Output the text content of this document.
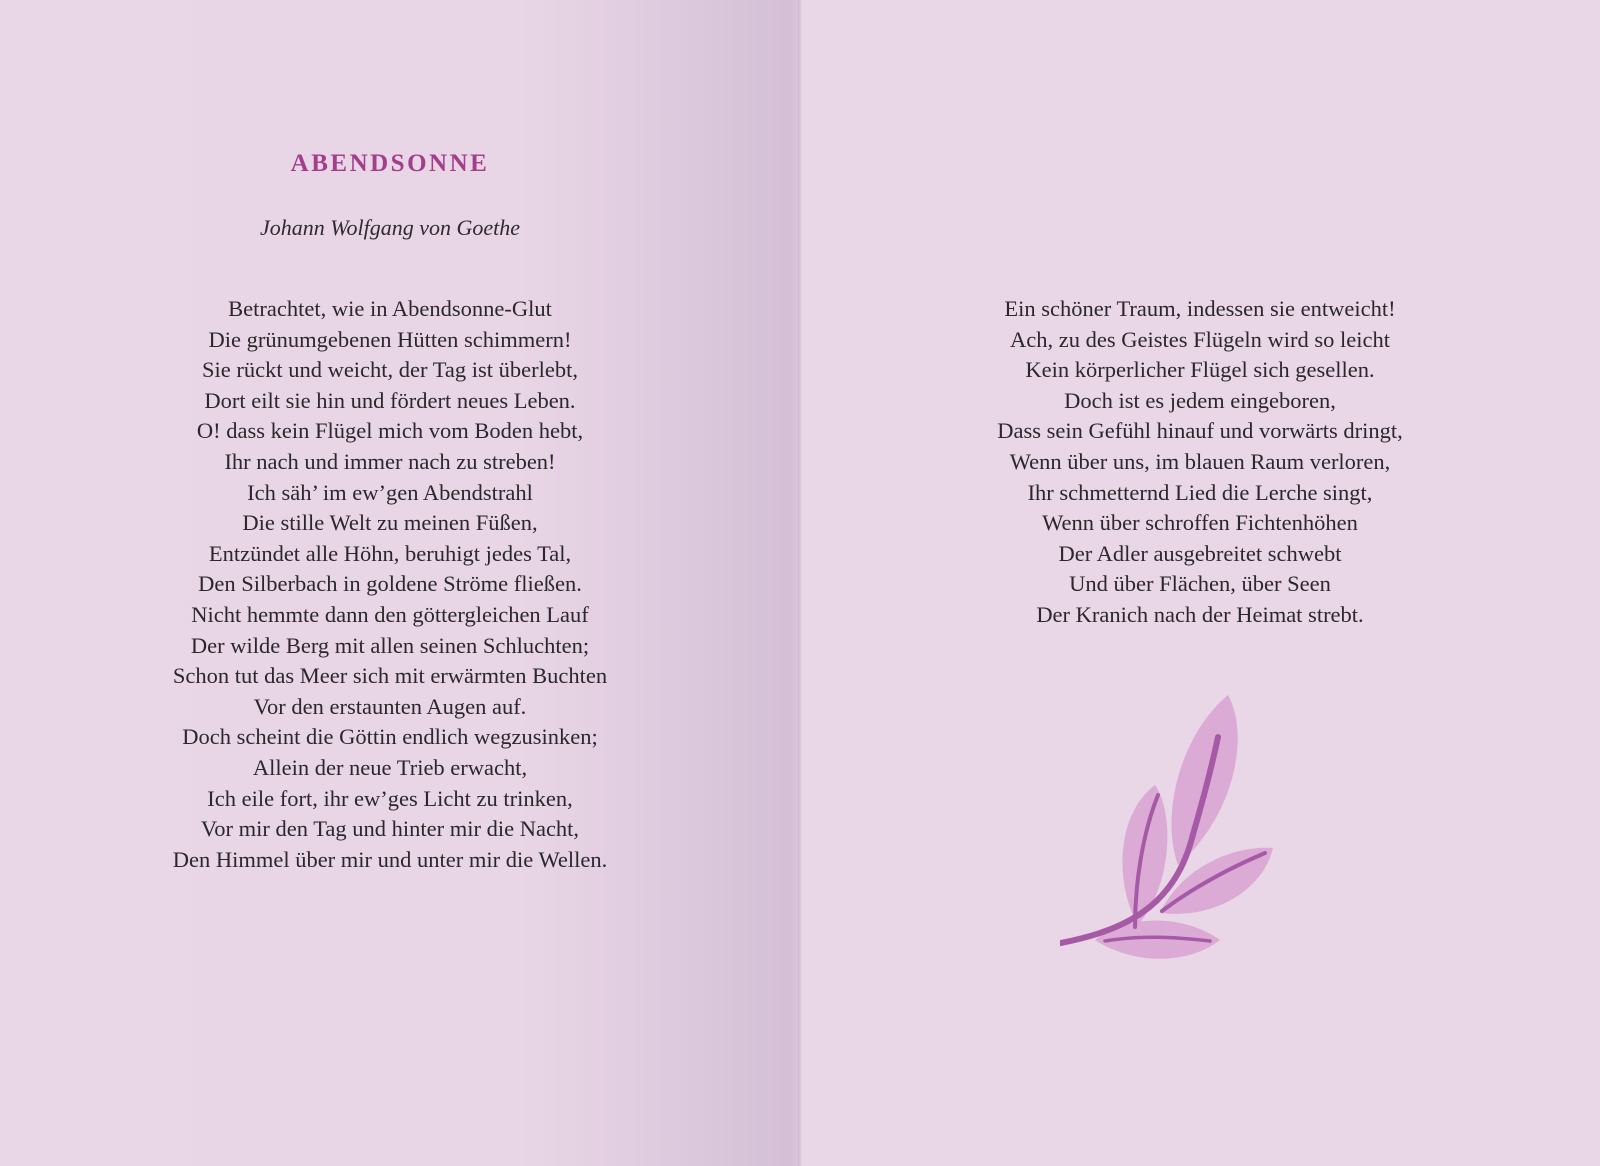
ABENDSONNE

Johann Wolfgang von Goethe

Betrachtet, wie in Abendsonne-Glut
Die grünumgebenen Hütten schimmern!
Sie rückt und weicht, der Tag ist überlebt,
Dort eilt sie hin und fördert neues Leben.
O! dass kein Flügel mich vom Boden hebt,
Ihr nach und immer nach zu streben!
Ich säh’ im ew’gen Abendstrahl
Die stille Welt zu meinen Füßen,
Entzündet alle Höhn, beruhigt jedes Tal,
Den Silberbach in goldene Ströme fließen.
Nicht hemmte dann den göttergleichen Lauf
Der wilde Berg mit allen seinen Schluchten;
Schon tut das Meer sich mit erwärmten Buchten
Vor den erstaunten Augen auf.
Doch scheint die Göttin endlich wegzusinken;
Allein der neue Trieb erwacht,
Ich eile fort, ihr ew’ges Licht zu trinken,
Vor mir den Tag und hinter mir die Nacht,
Den Himmel über mir und unter mir die Wellen.
Ein schöner Traum, indessen sie entweicht!
Ach, zu des Geistes Flügeln wird so leicht
Kein körperlicher Flügel sich gesellen.
Doch ist es jedem eingeboren,
Dass sein Gefühl hinauf und vorwärts dringt,
Wenn über uns, im blauen Raum verloren,
Ihr schmetternd Lied die Lerche singt,
Wenn über schroffen Fichtenhöhen
Der Adler ausgebreitet schwebt
Und über Flächen, über Seen
Der Kranich nach der Heimat strebt.
